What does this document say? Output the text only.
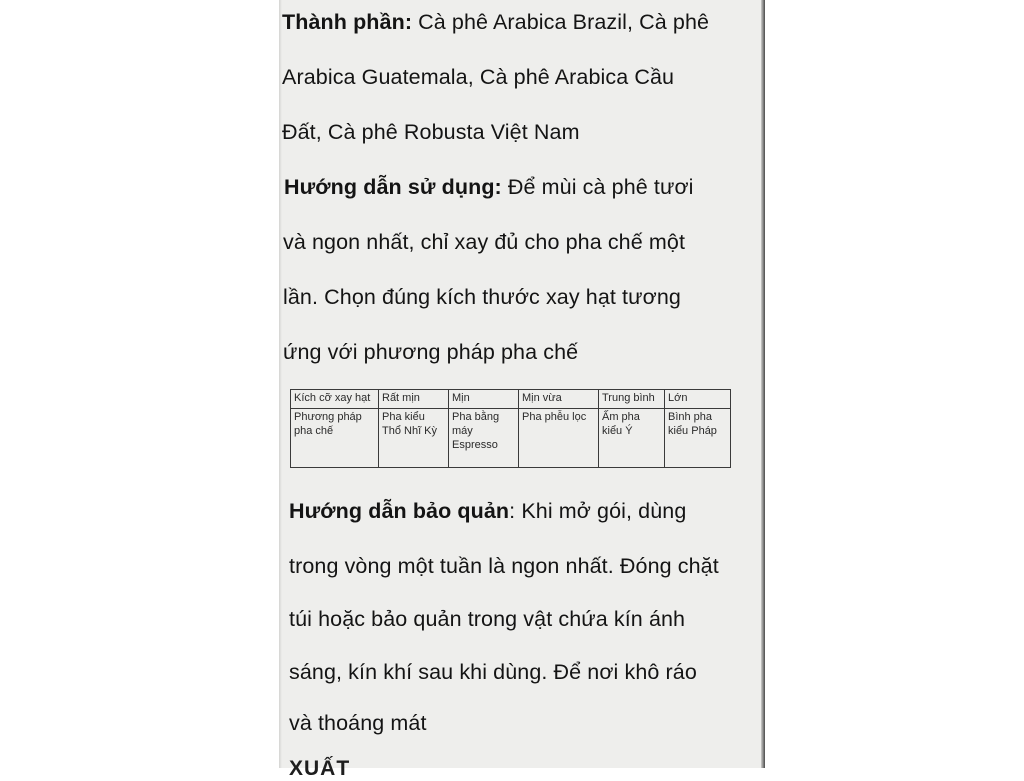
Thành phần: Cà phê Arabica Brazil, Cà phê
Arabica Guatemala, Cà phê Arabica Cầu
Đất, Cà phê Robusta Việt Nam
Hướng dẫn sử dụng: Để mùi cà phê tươi
và ngon nhất, chỉ xay đủ cho pha chế một
lần. Chọn đúng kích thước xay hạt tương
ứng với phương pháp pha chế
Kích cỡ xay hạt	Rất mịn	Mịn	Mịn vừa	Trung bình	Lớn
Phương pháp pha chế	Pha kiểu Thổ Nhĩ Kỳ	Pha bằng máy Espresso	Pha phễu lọc	Ấm pha kiểu Ý	Bình pha kiểu Pháp
Hướng dẫn bảo quản: Khi mở gói, dùng
trong vòng một tuần là ngon nhất. Đóng chặt
túi hoặc bảo quản trong vật chứa kín ánh
sáng, kín khí sau khi dùng. Để nơi khô ráo
và thoáng mát
XUẤT
